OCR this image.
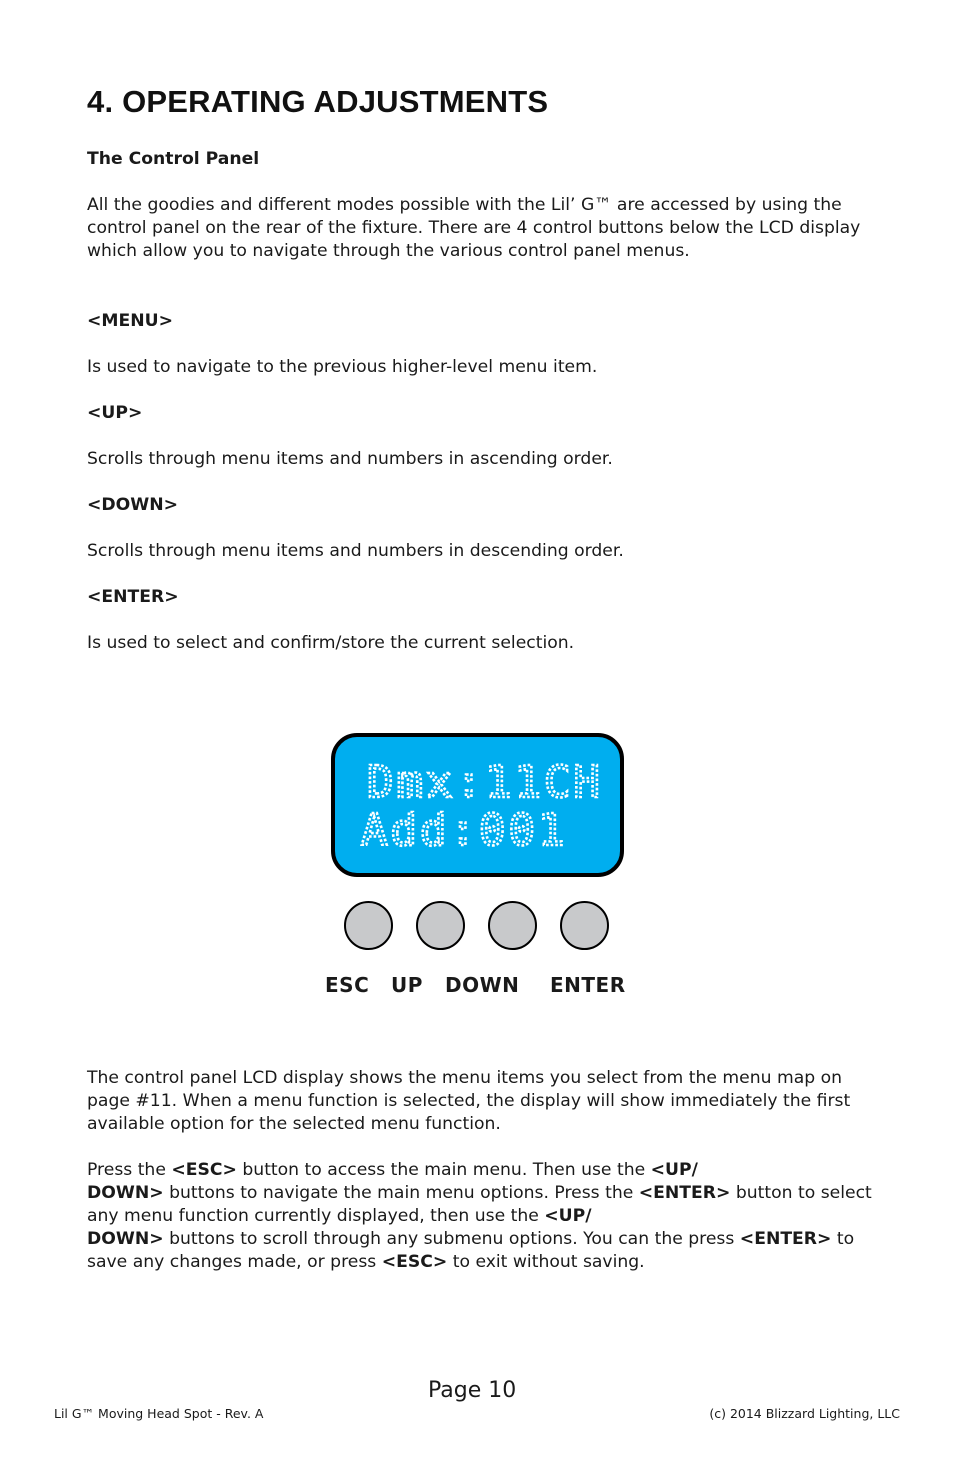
4. OPERATING ADJUSTMENTS

The Control Panel

All the goodies and different modes possible with the Lil’ G™ are accessed by using the control panel on the rear of the fixture. There are 4 control buttons below the LCD display which allow you to navigate through the various control panel menus.

<MENU>

Is used to navigate to the previous higher-level menu item.

<UP>

Scrolls through menu items and numbers in ascending order.

<DOWN>

Scrolls through menu items and numbers in descending order.

<ENTER>

Is used to select and confirm/store the current selection.

Dmx:11CH
Add:001

ESC UP DOWN ENTER

The control panel LCD display shows the menu items you select from the menu map on page #11. When a menu function is selected, the display will show immediately the first available option for the selected menu function.

Press the <ESC> button to access the main menu. Then use the <UP/
DOWN> buttons to navigate the main menu options. Press the <ENTER> button to select any menu function currently displayed, then use the <UP/
DOWN> buttons to scroll through any submenu options. You can the press <ENTER> to save any changes made, or press <ESC> to exit without saving.

Page 10

Lil G™ Moving Head Spot - Rev. A	(c) 2014 Blizzard Lighting, LLC
